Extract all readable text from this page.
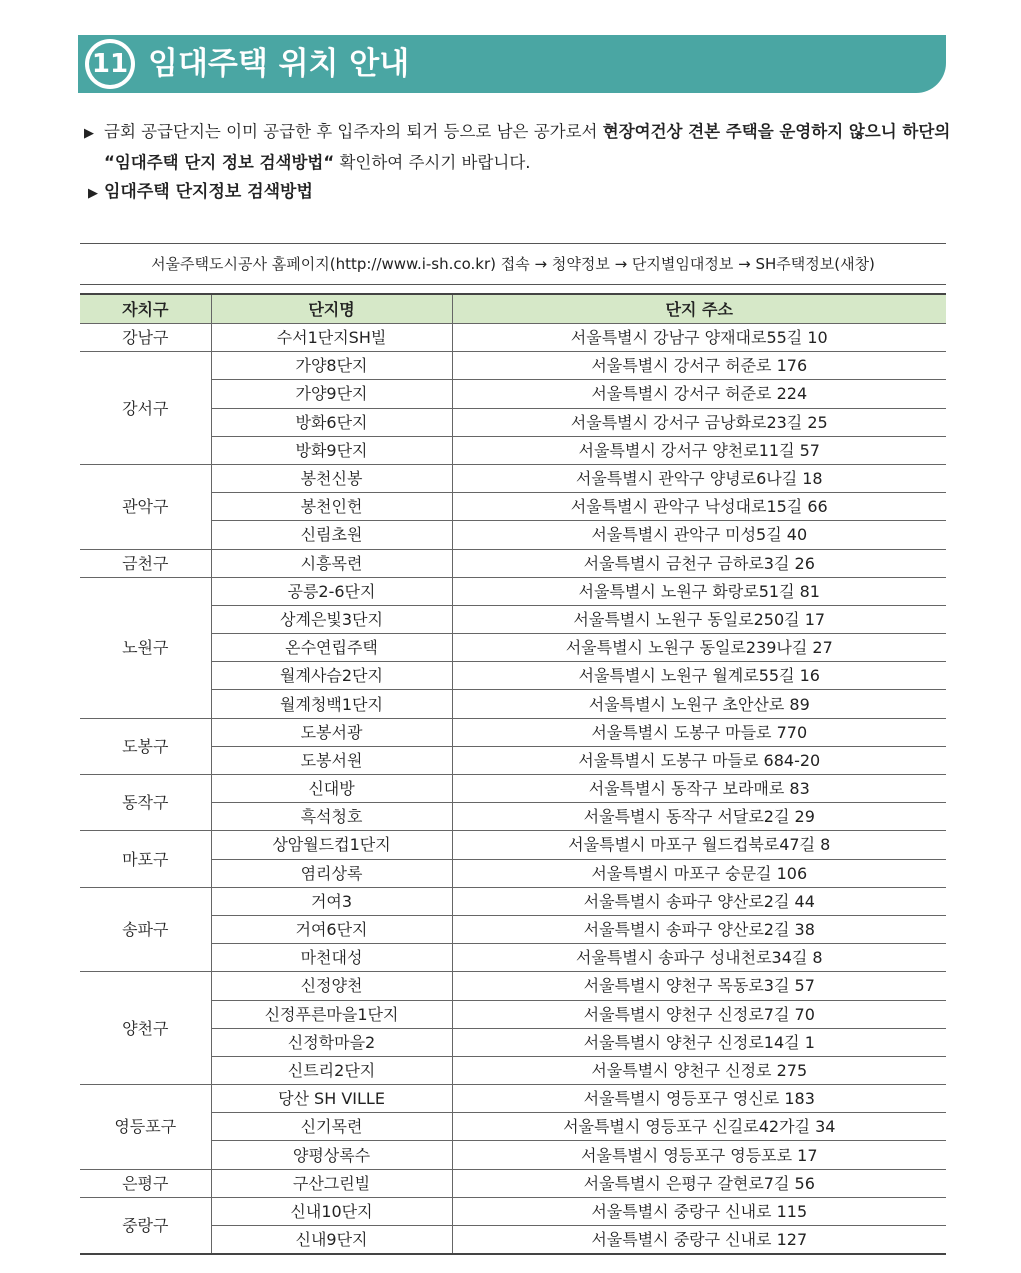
11 임대주택 위치 안내
▶ 금회 공급단지는 이미 공급한 후 입주자의 퇴거 등으로 남은 공가로서 현장여건상 견본 주택을 운영하지 않으니 하단의
“임대주택 단지 정보 검색방법“ 확인하여 주시기 바랍니다.
▶ 임대주택 단지정보 검색방법
서울주택도시공사 홈페이지(http://www.i-sh.co.kr) 접속 → 청약정보 → 단지별임대정보 → SH주택정보(새창)
자치구	단지명	단지 주소
강남구	수서1단지SH빌	서울특별시 강남구 양재대로55길 10
강서구	가양8단지	서울특별시 강서구 허준로 176
	가양9단지	서울특별시 강서구 허준로 224
	방화6단지	서울특별시 강서구 금낭화로23길 25
	방화9단지	서울특별시 강서구 양천로11길 57
관악구	봉천신봉	서울특별시 관악구 양녕로6나길 18
	봉천인헌	서울특별시 관악구 낙성대로15길 66
	신림초원	서울특별시 관악구 미성5길 40
금천구	시흥목련	서울특별시 금천구 금하로3길 26
노원구	공릉2-6단지	서울특별시 노원구 화랑로51길 81
	상계은빛3단지	서울특별시 노원구 동일로250길 17
	온수연립주택	서울특별시 노원구 동일로239나길 27
	월계사슴2단지	서울특별시 노원구 월계로55길 16
	월계청백1단지	서울특별시 노원구 초안산로 89
도봉구	도봉서광	서울특별시 도봉구 마들로 770
	도봉서원	서울특별시 도봉구 마들로 684-20
동작구	신대방	서울특별시 동작구 보라매로 83
	흑석청호	서울특별시 동작구 서달로2길 29
마포구	상암월드컵1단지	서울특별시 마포구 월드컵북로47길 8
	염리상록	서울특별시 마포구 숭문길 106
송파구	거여3	서울특별시 송파구 양산로2길 44
	거여6단지	서울특별시 송파구 양산로2길 38
	마천대성	서울특별시 송파구 성내천로34길 8
양천구	신정양천	서울특별시 양천구 목동로3길 57
	신정푸른마을1단지	서울특별시 양천구 신정로7길 70
	신정학마을2	서울특별시 양천구 신정로14길 1
	신트리2단지	서울특별시 양천구 신정로 275
영등포구	당산 SH VILLE	서울특별시 영등포구 영신로 183
	신기목련	서울특별시 영등포구 신길로42가길 34
	양평상록수	서울특별시 영등포구 영등포로 17
은평구	구산그린빌	서울특별시 은평구 갈현로7길 56
중랑구	신내10단지	서울특별시 중랑구 신내로 115
	신내9단지	서울특별시 중랑구 신내로 127
